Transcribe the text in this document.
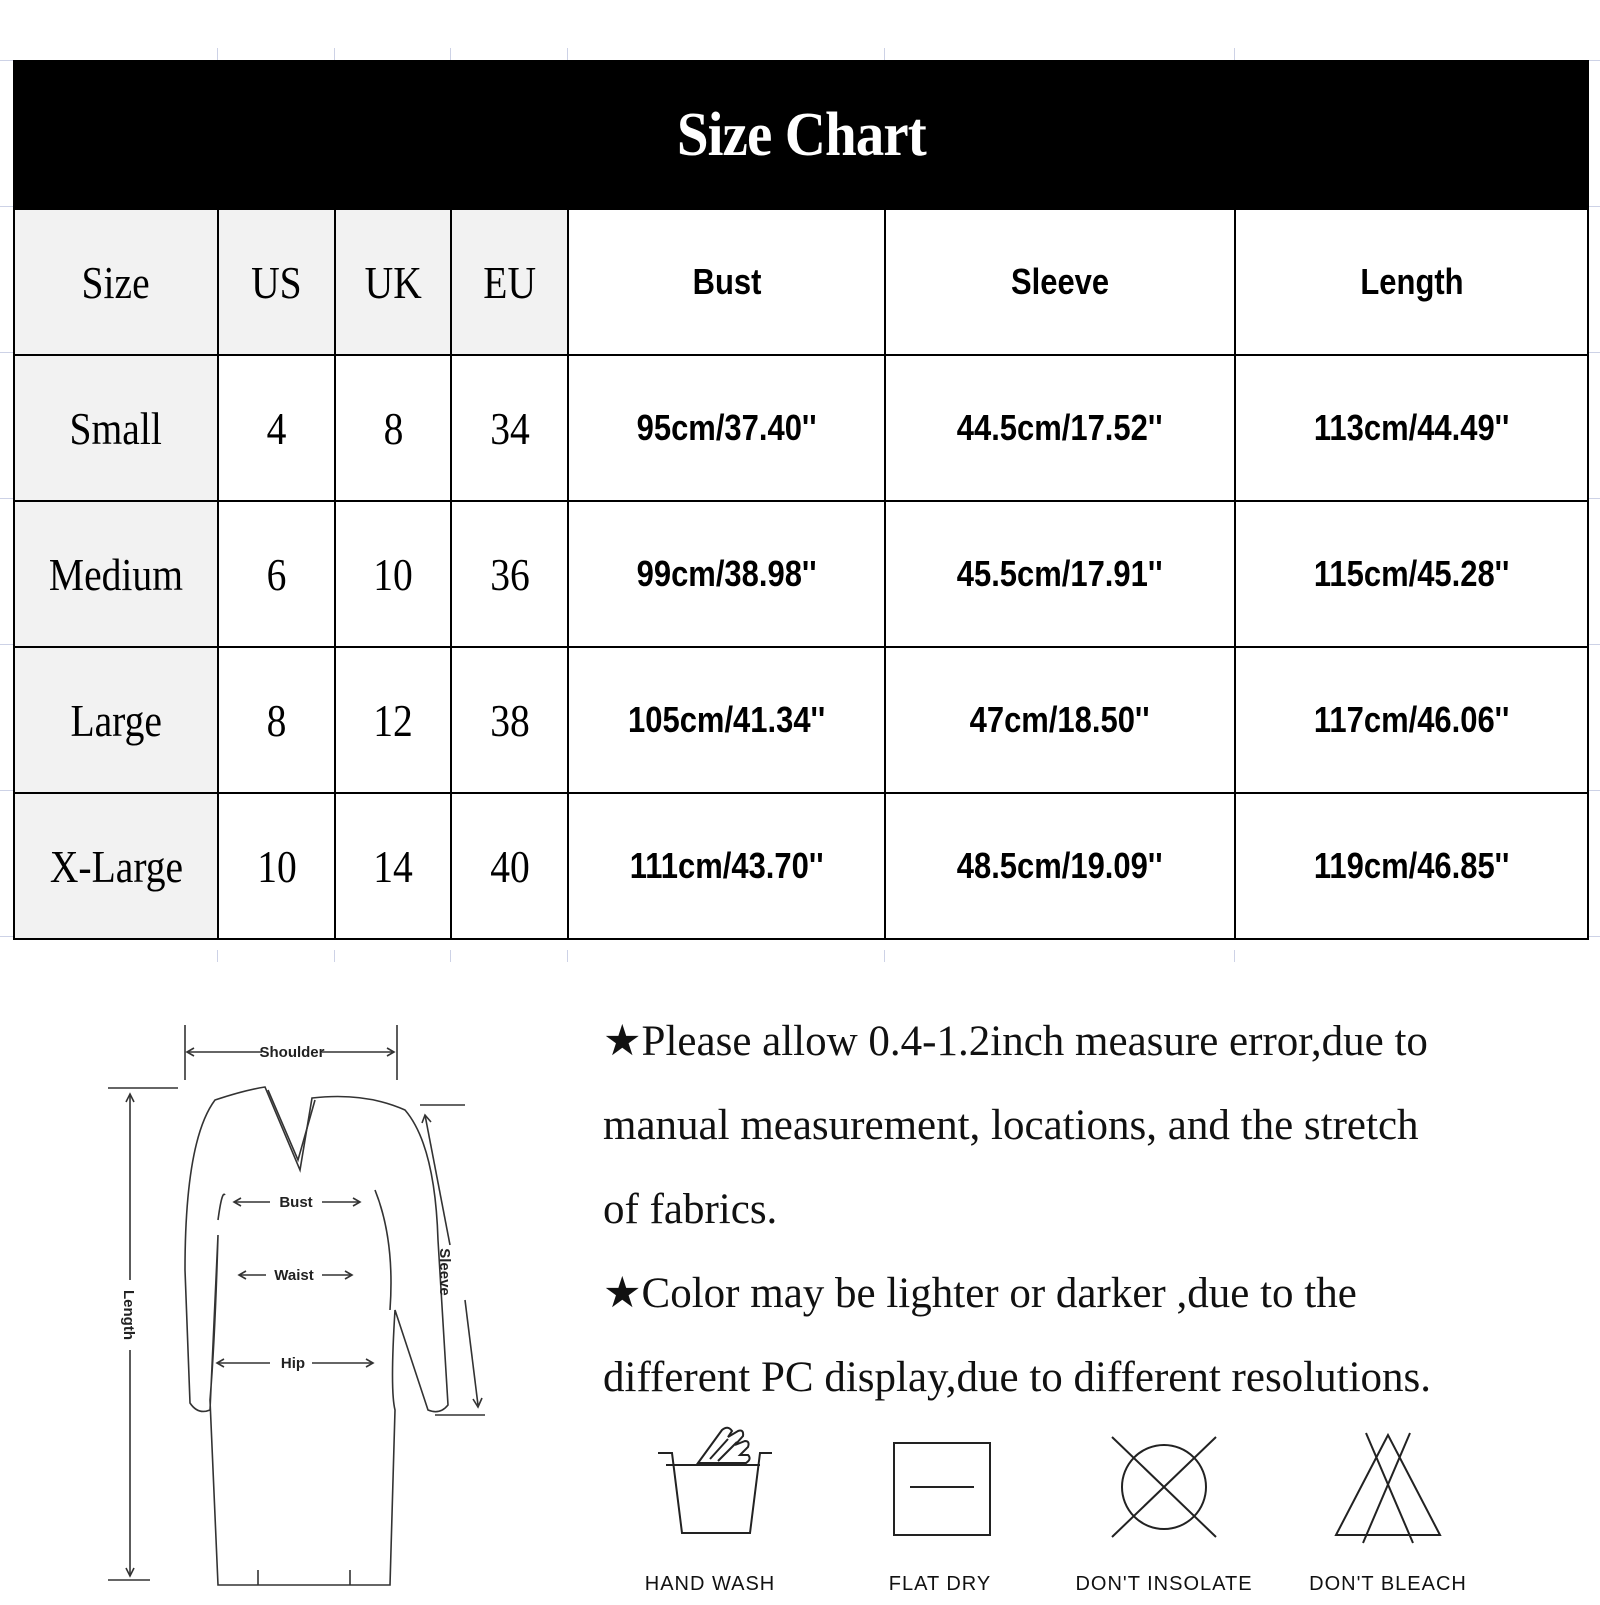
Size Chart						
Size	US	UK	EU	Bust	Sleeve	Length
Small	4	8	34	95cm/37.40''	44.5cm/17.52''	113cm/44.49''
Medium	6	10	36	99cm/38.98''	45.5cm/17.91''	115cm/45.28''
Large	8	12	38	105cm/41.34''	47cm/18.50''	117cm/46.06''
X-Large	10	14	40	111cm/43.70''	48.5cm/19.09''	119cm/46.85''
Shoulder
Bust
Waist
Hip
Length
Sleeve
★Please allow 0.4-1.2inch measure error,due to
manual measurement, locations, and the stretch
of fabrics.
★Color may be lighter or darker ,due to the
different PC display,due to different resolutions.
HAND WASH	FLAT DRY	DON'T INSOLATE	DON'T BLEACH
